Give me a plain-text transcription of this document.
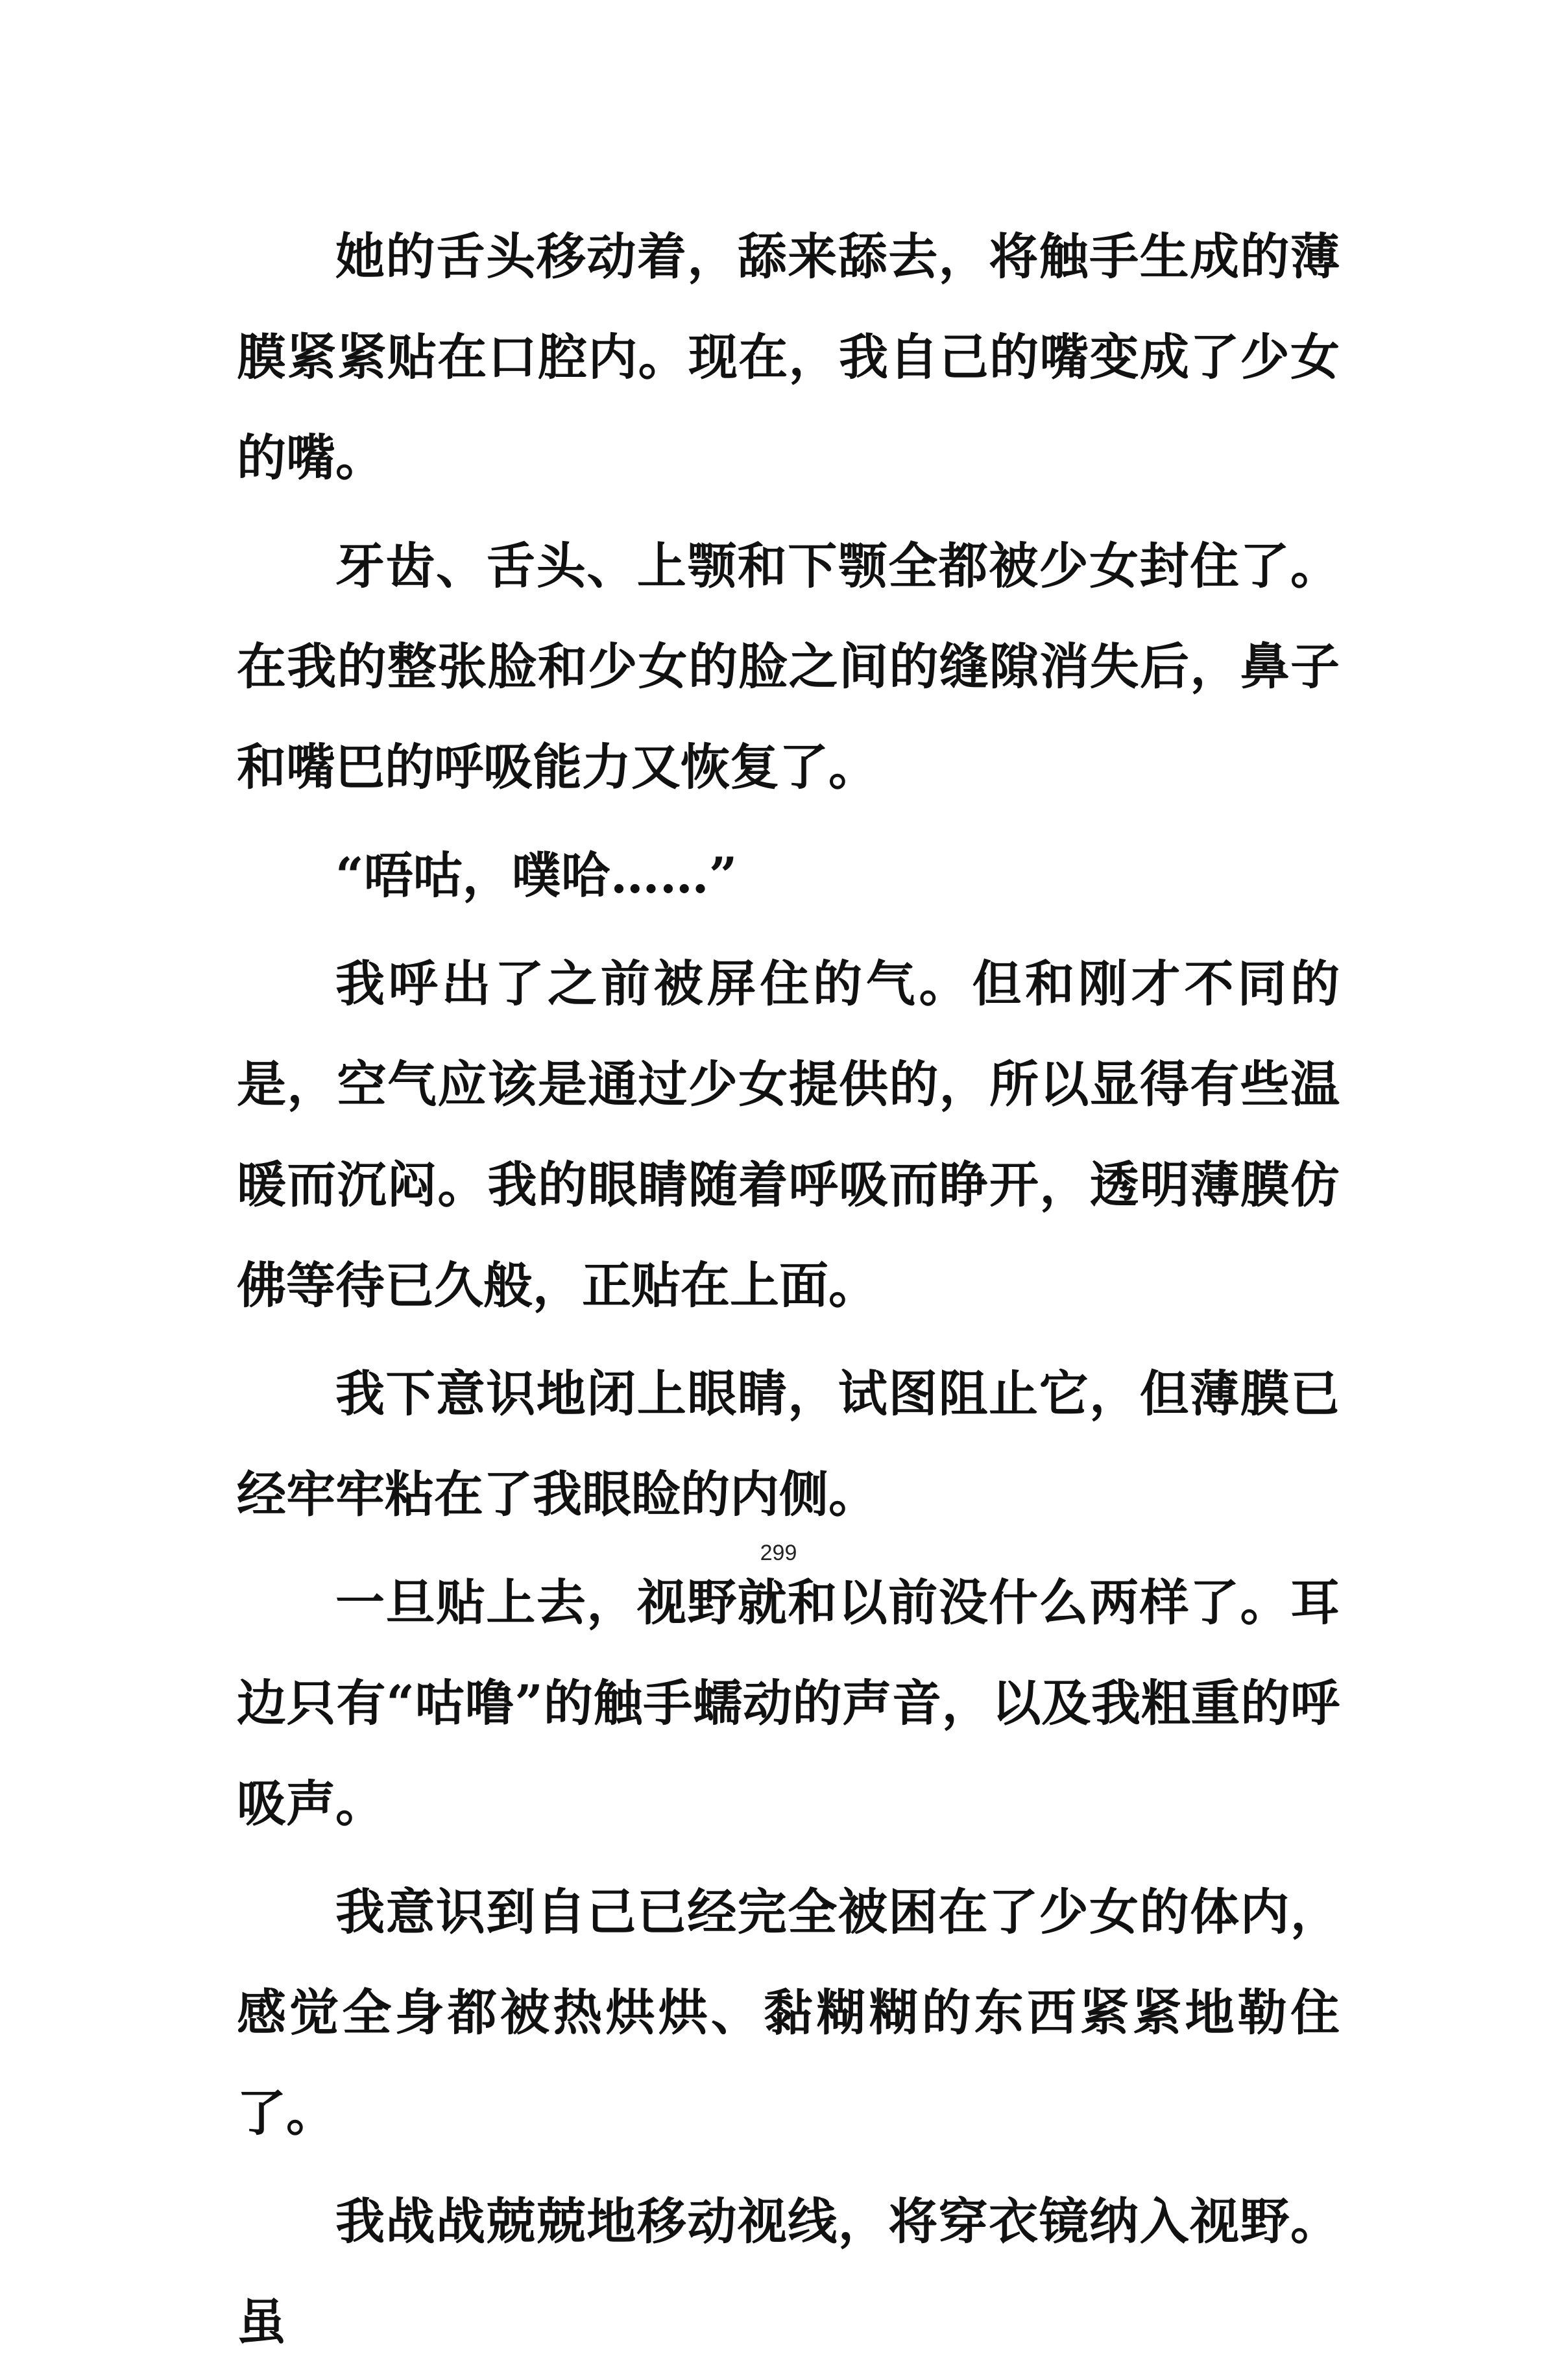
她的舌头移动着，舔来舔去，将触手生成的薄膜紧紧贴在口腔内。现在，我自己的嘴变成了少女的嘴。

牙齿、舌头、上颚和下颚全都被少女封住了。在我的整张脸和少女的脸之间的缝隙消失后，鼻子和嘴巴的呼吸能力又恢复了。

“唔咕，噗哈……”

我呼出了之前被屏住的气。但和刚才不同的是，空气应该是通过少女提供的，所以显得有些温暖而沉闷。我的眼睛随着呼吸而睁开，透明薄膜仿佛等待已久般，正贴在上面。

我下意识地闭上眼睛，试图阻止它，但薄膜已经牢牢粘在了我眼睑的内侧。

一旦贴上去，视野就和以前没什么两样了。耳边只有“咕噜”的触手蠕动的声音，以及我粗重的呼吸声。

我意识到自己已经完全被困在了少女的体内，感觉全身都被热烘烘、黏糊糊的东西紧紧地勒住了。

我战战兢兢地移动视线，将穿衣镜纳入视野。虽

299
